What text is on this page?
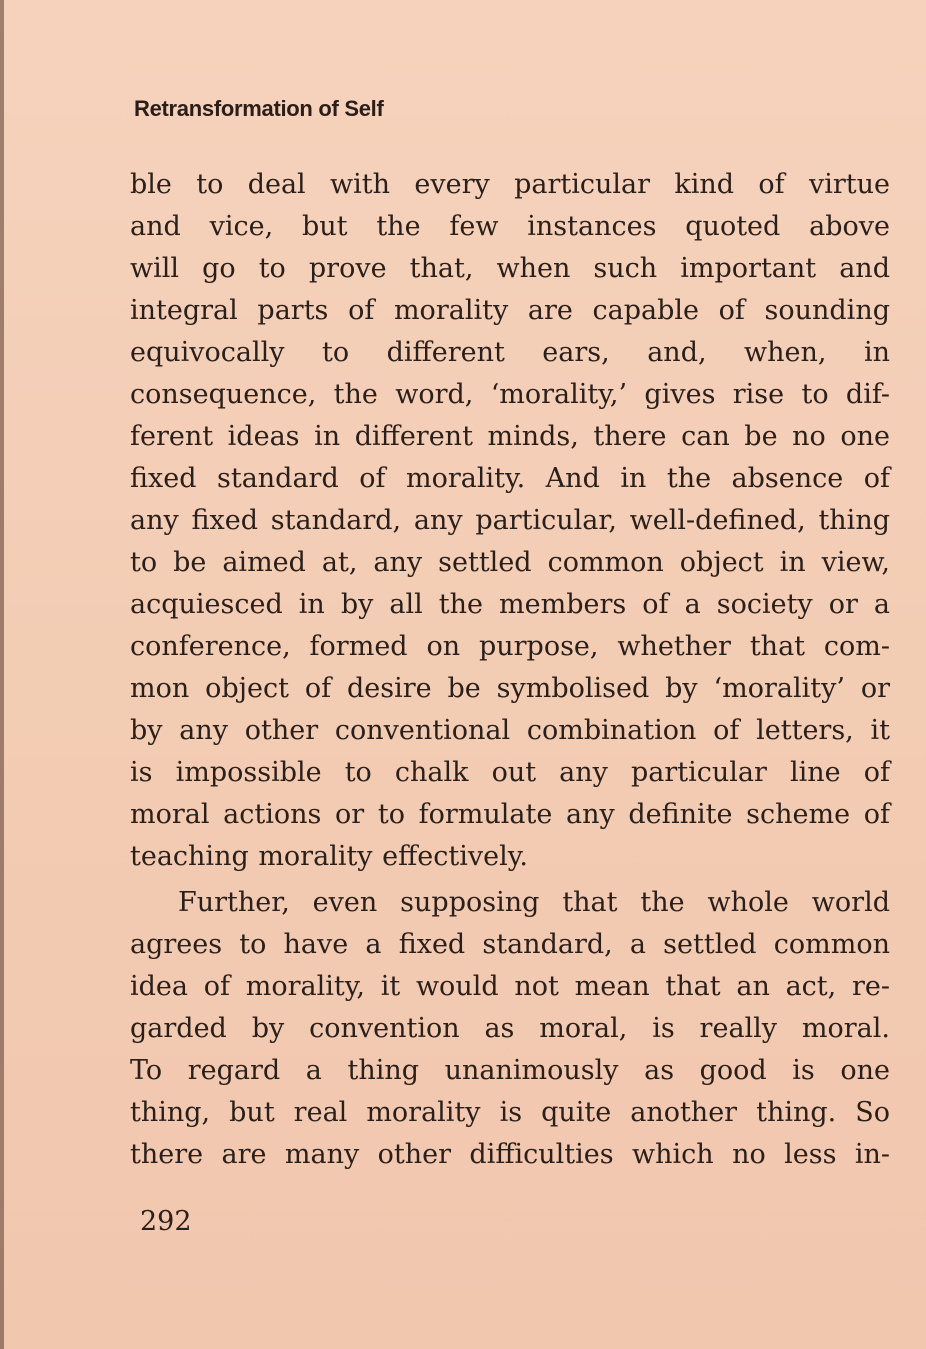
Retransformation of Self
ble to deal with every particular kind of virtue
and vice, but the few instances quoted above
will go to prove that, when such important and
integral parts of morality are capable of sounding
equivocally to different ears, and, when, in
consequence, the word, ‘morality,’ gives rise to dif-
ferent ideas in different minds, there can be no one
fixed standard of morality. And in the absence of
any fixed standard, any particular, well-defined, thing
to be aimed at, any settled common object in view,
acquiesced in by all the members of a society or a
conference, formed on purpose, whether that com-
mon object of desire be symbolised by ‘morality’ or
by any other conventional combination of letters, it
is impossible to chalk out any particular line of
moral actions or to formulate any definite scheme of
teaching morality effectively.
Further, even supposing that the whole world
agrees to have a fixed standard, a settled common
idea of morality, it would not mean that an act, re-
garded by convention as moral, is really moral.
To regard a thing unanimously as good is one
thing, but real morality is quite another thing. So
there are many other difficulties which no less in-
292
